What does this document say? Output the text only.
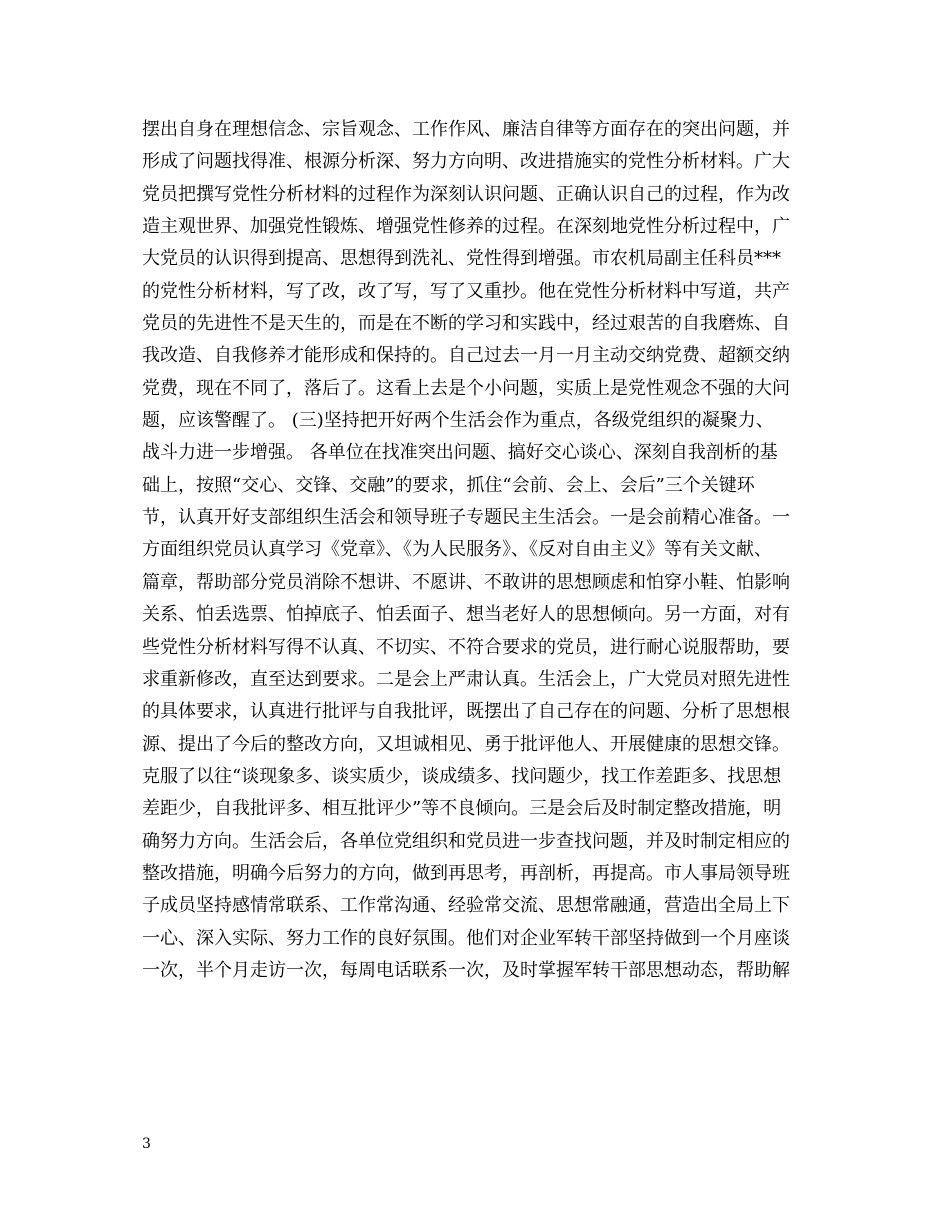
摆出自身在理想信念、宗旨观念、工作作风、廉洁自律等方面存在的突出问题，并
形成了问题找得准、根源分析深、努力方向明、改进措施实的党性分析材料。广大
党员把撰写党性分析材料的过程作为深刻认识问题、正确认识自己的过程，作为改
造主观世界、加强党性锻炼、增强党性修养的过程。在深刻地党性分析过程中，广
大党员的认识得到提高、思想得到洗礼、党性得到增强。市农机局副主任科员***
的党性分析材料，写了改，改了写，写了又重抄。他在党性分析材料中写道，共产
党员的先进性不是天生的，而是在不断的学习和实践中，经过艰苦的自我磨炼、自
我改造、自我修养才能形成和保持的。自己过去一月一月主动交纳党费、超额交纳
党费，现在不同了，落后了。这看上去是个小问题，实质上是党性观念不强的大问
题，应该警醒了。 (三)坚持把开好两个生活会作为重点，各级党组织的凝聚力、
战斗力进一步增强。 各单位在找准突出问题、搞好交心谈心、深刻自我剖析的基
础上，按照“交心、交锋、交融”的要求，抓住“会前、会上、会后”三个关键环
节，认真开好支部组织生活会和领导班子专题民主生活会。一是会前精心准备。一
方面组织党员认真学习《党章》、《为人民服务》、《反对自由主义》等有关文献、
篇章，帮助部分党员消除不想讲、不愿讲、不敢讲的思想顾虑和怕穿小鞋、怕影响
关系、怕丢选票、怕掉底子、怕丢面子、想当老好人的思想倾向。另一方面，对有
些党性分析材料写得不认真、不切实、不符合要求的党员，进行耐心说服帮助，要
求重新修改，直至达到要求。二是会上严肃认真。生活会上，广大党员对照先进性
的具体要求，认真进行批评与自我批评，既摆出了自己存在的问题、分析了思想根
源、提出了今后的整改方向，又坦诚相见、勇于批评他人、开展健康的思想交锋。
克服了以往“谈现象多、谈实质少，谈成绩多、找问题少，找工作差距多、找思想
差距少，自我批评多、相互批评少”等不良倾向。三是会后及时制定整改措施，明
确努力方向。生活会后，各单位党组织和党员进一步查找问题，并及时制定相应的
整改措施，明确今后努力的方向，做到再思考，再剖析，再提高。市人事局领导班
子成员坚持感情常联系、工作常沟通、经验常交流、思想常融通，营造出全局上下
一心、深入实际、努力工作的良好氛围。他们对企业军转干部坚持做到一个月座谈
一次，半个月走访一次，每周电话联系一次，及时掌握军转干部思想动态，帮助解
3
